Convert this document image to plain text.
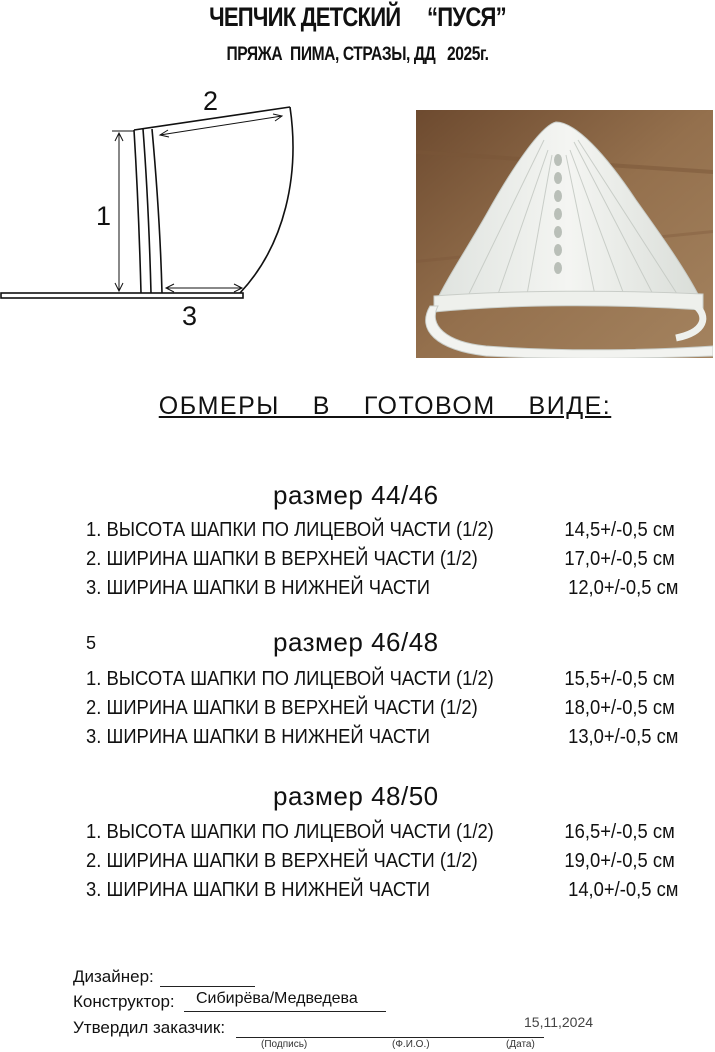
ЧЕПЧИК ДЕТСКИЙ     “ПУСЯ”
ПРЯЖА  ПИМА, СТРАЗЫ, ДД   2025г.
1
2
3
ОБМЕРЫ  В  ГОТОВОМ  ВИДЕ:
размер 44/46

1. ВЫСОТА ШАПКИ ПО ЛИЦЕВОЙ ЧАСТИ (1/2)

	14,5+/-0,5 см

2. ШИРИНА ШАПКИ В ВЕРХНЕЙ ЧАСТИ (1/2)

	17,0+/-0,5 см

3. ШИРИНА ШАПКИ В НИЖНЕЙ ЧАСТИ

	12,0+/-0,5 см

5	размер 46/48

1. ВЫСОТА ШАПКИ ПО ЛИЦЕВОЙ ЧАСТИ (1/2)

	15,5+/-0,5 см

2. ШИРИНА ШАПКИ В ВЕРХНЕЙ ЧАСТИ (1/2)

	18,0+/-0,5 см

3. ШИРИНА ШАПКИ В НИЖНЕЙ ЧАСТИ

	13,0+/-0,5 см

размер 48/50

1. ВЫСОТА ШАПКИ ПО ЛИЦЕВОЙ ЧАСТИ (1/2)

	16,5+/-0,5 см

2. ШИРИНА ШАПКИ В ВЕРХНЕЙ ЧАСТИ (1/2)

	19,0+/-0,5 см

3. ШИРИНА ШАПКИ В НИЖНЕЙ ЧАСТИ

	14,0+/-0,5 см

Дизайнер:
Конструктор: Сибирёва/Медведева
Утвердил заказчик:	15,11,2024
(Подпись)	(Ф.И.О.)	(Дата)
